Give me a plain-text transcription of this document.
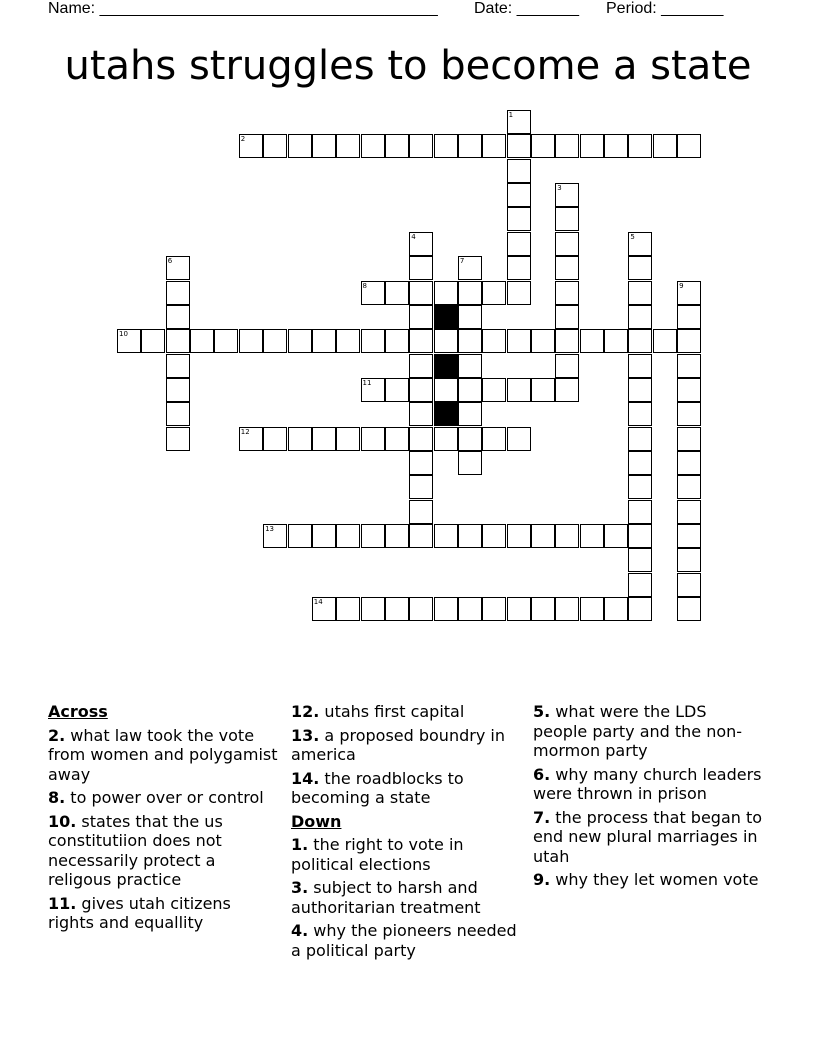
Name: ______________________________________ Date: _______ Period: _______
utahs struggles to become a state
1
2
3
4	5
6	7
8	9
10
11
12
13
14
Across
2. what law took the vote from women and polygamist away
8. to power over or control
10. states that the us constitutiion does not necessarily protect a religous practice
11. gives utah citizens rights and equallity
12. utahs first capital
13. a proposed boundry in america
14. the roadblocks to becoming a state
Down
1. the right to vote in political elections
3. subject to harsh and authoritarian treatment
4. why the pioneers needed a political party
5. what were the LDS people party and the non-mormon party
6. why many church leaders were thrown in prison
7. the process that began to end new plural marriages in utah
9. why they let women vote
